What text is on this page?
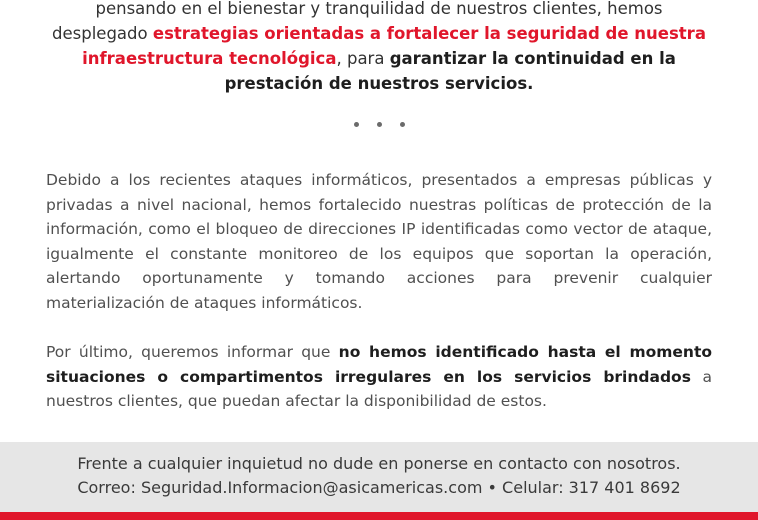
pensando en el bienestar y tranquilidad de nuestros clientes, hemos
desplegado estrategias orientadas a fortalecer la seguridad de nuestra infraestructura tecnológica, para garantizar la continuidad en la prestación de nuestros servicios.

Debido a los recientes ataques informáticos, presentados a empresas públicas y privadas a nivel nacional, hemos fortalecido nuestras políticas de protección de la información, como el bloqueo de direcciones IP identificadas como vector de ataque, igualmente el constante monitoreo de los equipos que soportan la operación, alertando oportunamente y tomando acciones para prevenir cualquier materialización de ataques informáticos.
Por último, queremos informar que no hemos identificado hasta el momento situaciones o compartimentos irregulares en los servicios brindados a nuestros clientes, que puedan afectar la disponibilidad de estos.
Frente a cualquier inquietud no dude en ponerse en contacto con nosotros.
Correo: Seguridad.Informacion@asicamericas.com • Celular: 317 401 8692
